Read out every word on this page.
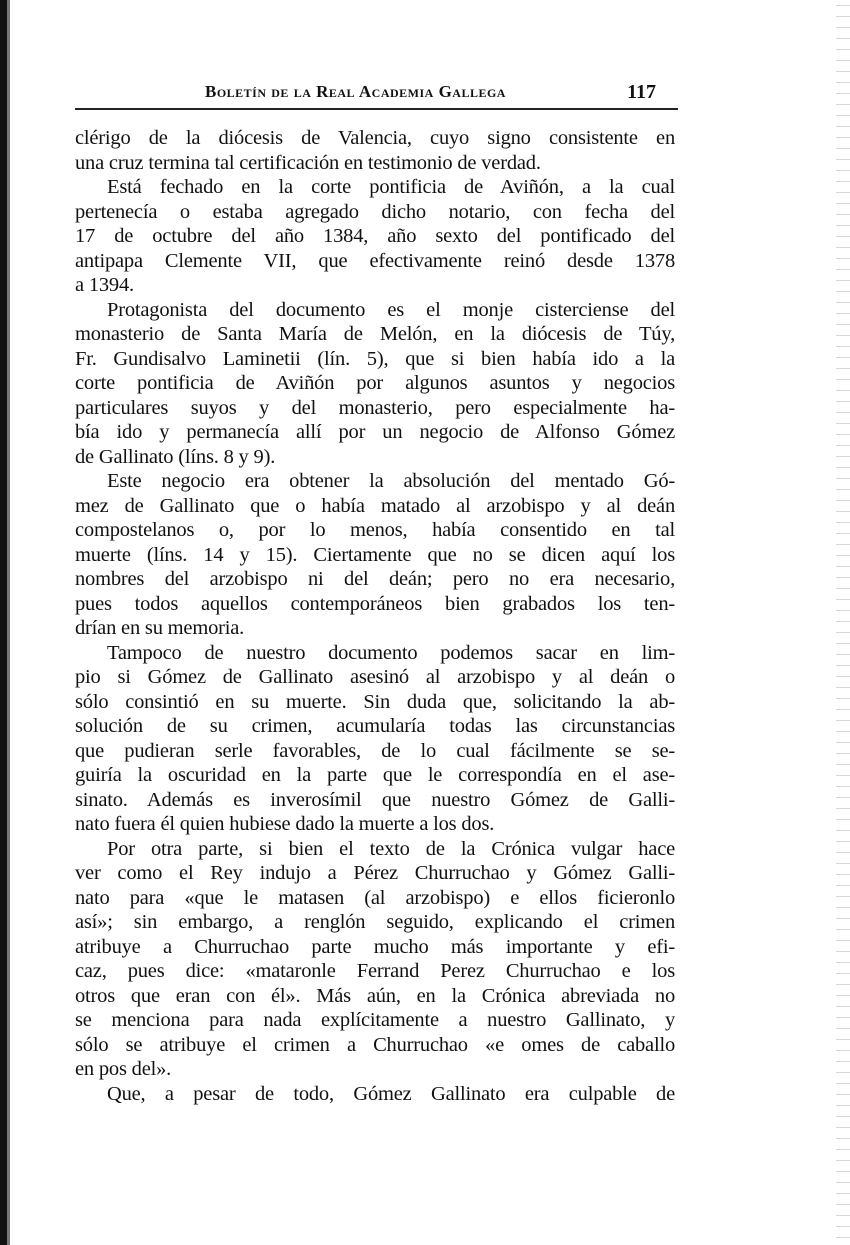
Boletín de la Real Academia Gallega	117
clérigo de la diócesis de Valencia, cuyo signo consistente en
una cruz termina tal certificación en testimonio de verdad.
Está fechado en la corte pontificia de Aviñón, a la cual
pertenecía o estaba agregado dicho notario, con fecha del
17 de octubre del año 1384, año sexto del pontificado del
antipapa Clemente VII, que efectivamente reinó desde 1378
a 1394.
Protagonista del documento es el monje cisterciense del
monasterio de Santa María de Melón, en la diócesis de Túy,
Fr. Gundisalvo Laminetii (lín. 5), que si bien había ido a la
corte pontificia de Aviñón por algunos asuntos y negocios
particulares suyos y del monasterio, pero especialmente ha-
bía ido y permanecía allí por un negocio de Alfonso Gómez
de Gallinato (líns. 8 y 9).
Este negocio era obtener la absolución del mentado Gó-
mez de Gallinato que o había matado al arzobispo y al deán
compostelanos o, por lo menos, había consentido en tal
muerte (líns. 14 y 15). Ciertamente que no se dicen aquí los
nombres del arzobispo ni del deán; pero no era necesario,
pues todos aquellos contemporáneos bien grabados los ten-
drían en su memoria.
Tampoco de nuestro documento podemos sacar en lim-
pio si Gómez de Gallinato asesinó al arzobispo y al deán o
sólo consintió en su muerte. Sin duda que, solicitando la ab-
solución de su crimen, acumularía todas las circunstancias
que pudieran serle favorables, de lo cual fácilmente se se-
guiría la oscuridad en la parte que le correspondía en el ase-
sinato. Además es inverosímil que nuestro Gómez de Galli-
nato fuera él quien hubiese dado la muerte a los dos.
Por otra parte, si bien el texto de la Crónica vulgar hace
ver como el Rey indujo a Pérez Churruchao y Gómez Galli-
nato para «que le matasen (al arzobispo) e ellos ficieronlo
así»; sin embargo, a renglón seguido, explicando el crimen
atribuye a Churruchao parte mucho más importante y efi-
caz, pues dice: «mataronle Ferrand Perez Churruchao e los
otros que eran con él». Más aún, en la Crónica abreviada no
se menciona para nada explícitamente a nuestro Gallinato, y
sólo se atribuye el crimen a Churruchao «e omes de caballo
en pos del».
Que, a pesar de todo, Gómez Gallinato era culpable de
